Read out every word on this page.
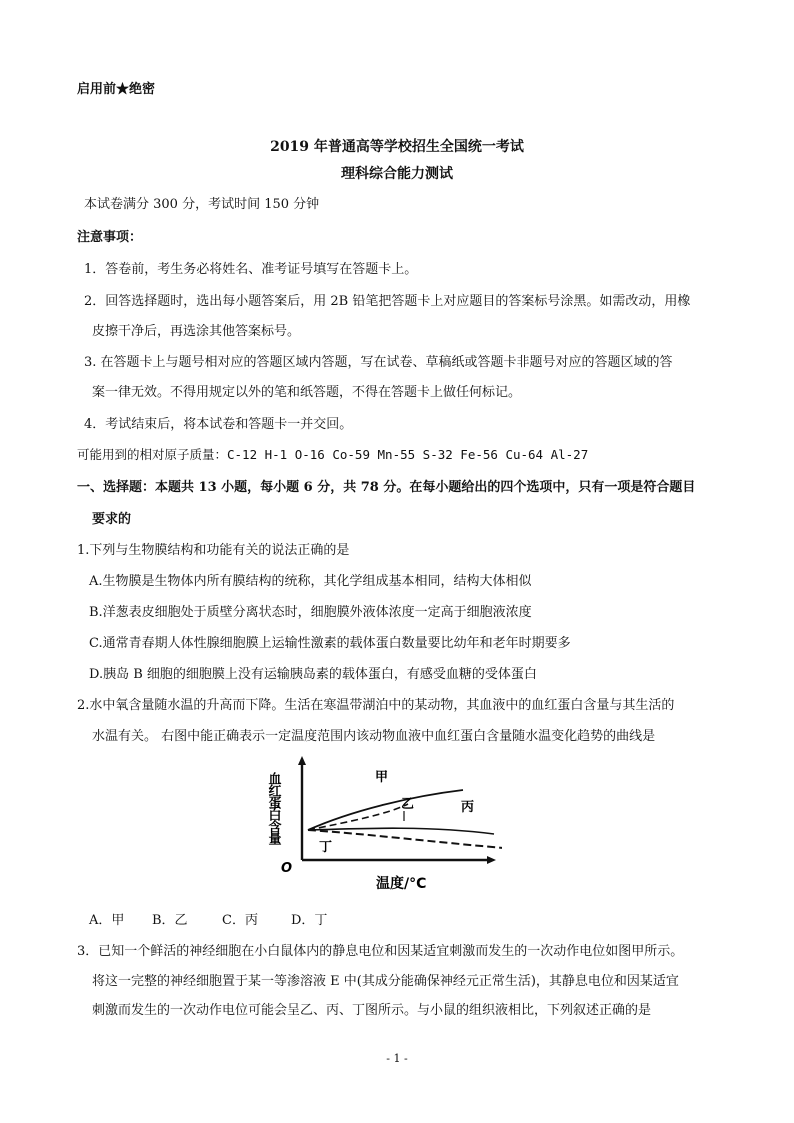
启用前★绝密
2019 年普通高等学校招生全国统一考试
理科综合能力测试
本试卷满分 300 分，考试时间 150 分钟
注意事项：
1．答卷前，考生务必将姓名、准考证号填写在答题卡上。
2．回答选择题时，选出每小题答案后，用 2B 铅笔把答题卡上对应题目的答案标号涂黑。如需改动，用橡
皮擦干净后，再选涂其他答案标号。
3. 在答题卡上与题号相对应的答题区域内答题，写在试卷、草稿纸或答题卡非题号对应的答题区域的答
案一律无效。不得用规定以外的笔和纸答题，不得在答题卡上做任何标记。
4．考试结束后，将本试卷和答题卡一并交回。
可能用到的相对原子质量：C-12 H-1 O-16 Co-59 Mn-55 S-32 Fe-56 Cu-64 Al-27
一、选择题：本题共 13 小题，每小题 6 分，共 78 分。在每小题给出的四个选项中，只有一项是符合题目
要求的
1.下列与生物膜结构和功能有关的说法正确的是
A.生物膜是生物体内所有膜结构的统称，其化学组成基本相同，结构大体相似
B.洋葱表皮细胞处于质壁分离状态时，细胞膜外液体浓度一定高于细胞液浓度
C.通常青春期人体性腺细胞膜上运输性激素的载体蛋白数量要比幼年和老年时期要多
D.胰岛 B 细胞的细胞膜上没有运输胰岛素的载体蛋白，有感受血糖的受体蛋白
2.水中氧含量随水温的升高而下降。生活在寒温带湖泊中的某动物，其血液中的血红蛋白含量与其生活的
水温有关。 右图中能正确表示一定温度范围内该动物血液中血红蛋白含量随水温变化趋势的曲线是
血红蛋白含量
温度/°C
O
甲
乙	丙
丁
A．甲 B．乙	C．丙	D．丁
3．已知一个鲜活的神经细胞在小白鼠体内的静息电位和因某适宜刺激而发生的一次动作电位如图甲所示。
将这一完整的神经细胞置于某一等渗溶液 E 中(其成分能确保神经元正常生活)，其静息电位和因某适宜
刺激而发生的一次动作电位可能会呈乙、丙、丁图所示。与小鼠的组织液相比，下列叙述正确的是
- 1 -
